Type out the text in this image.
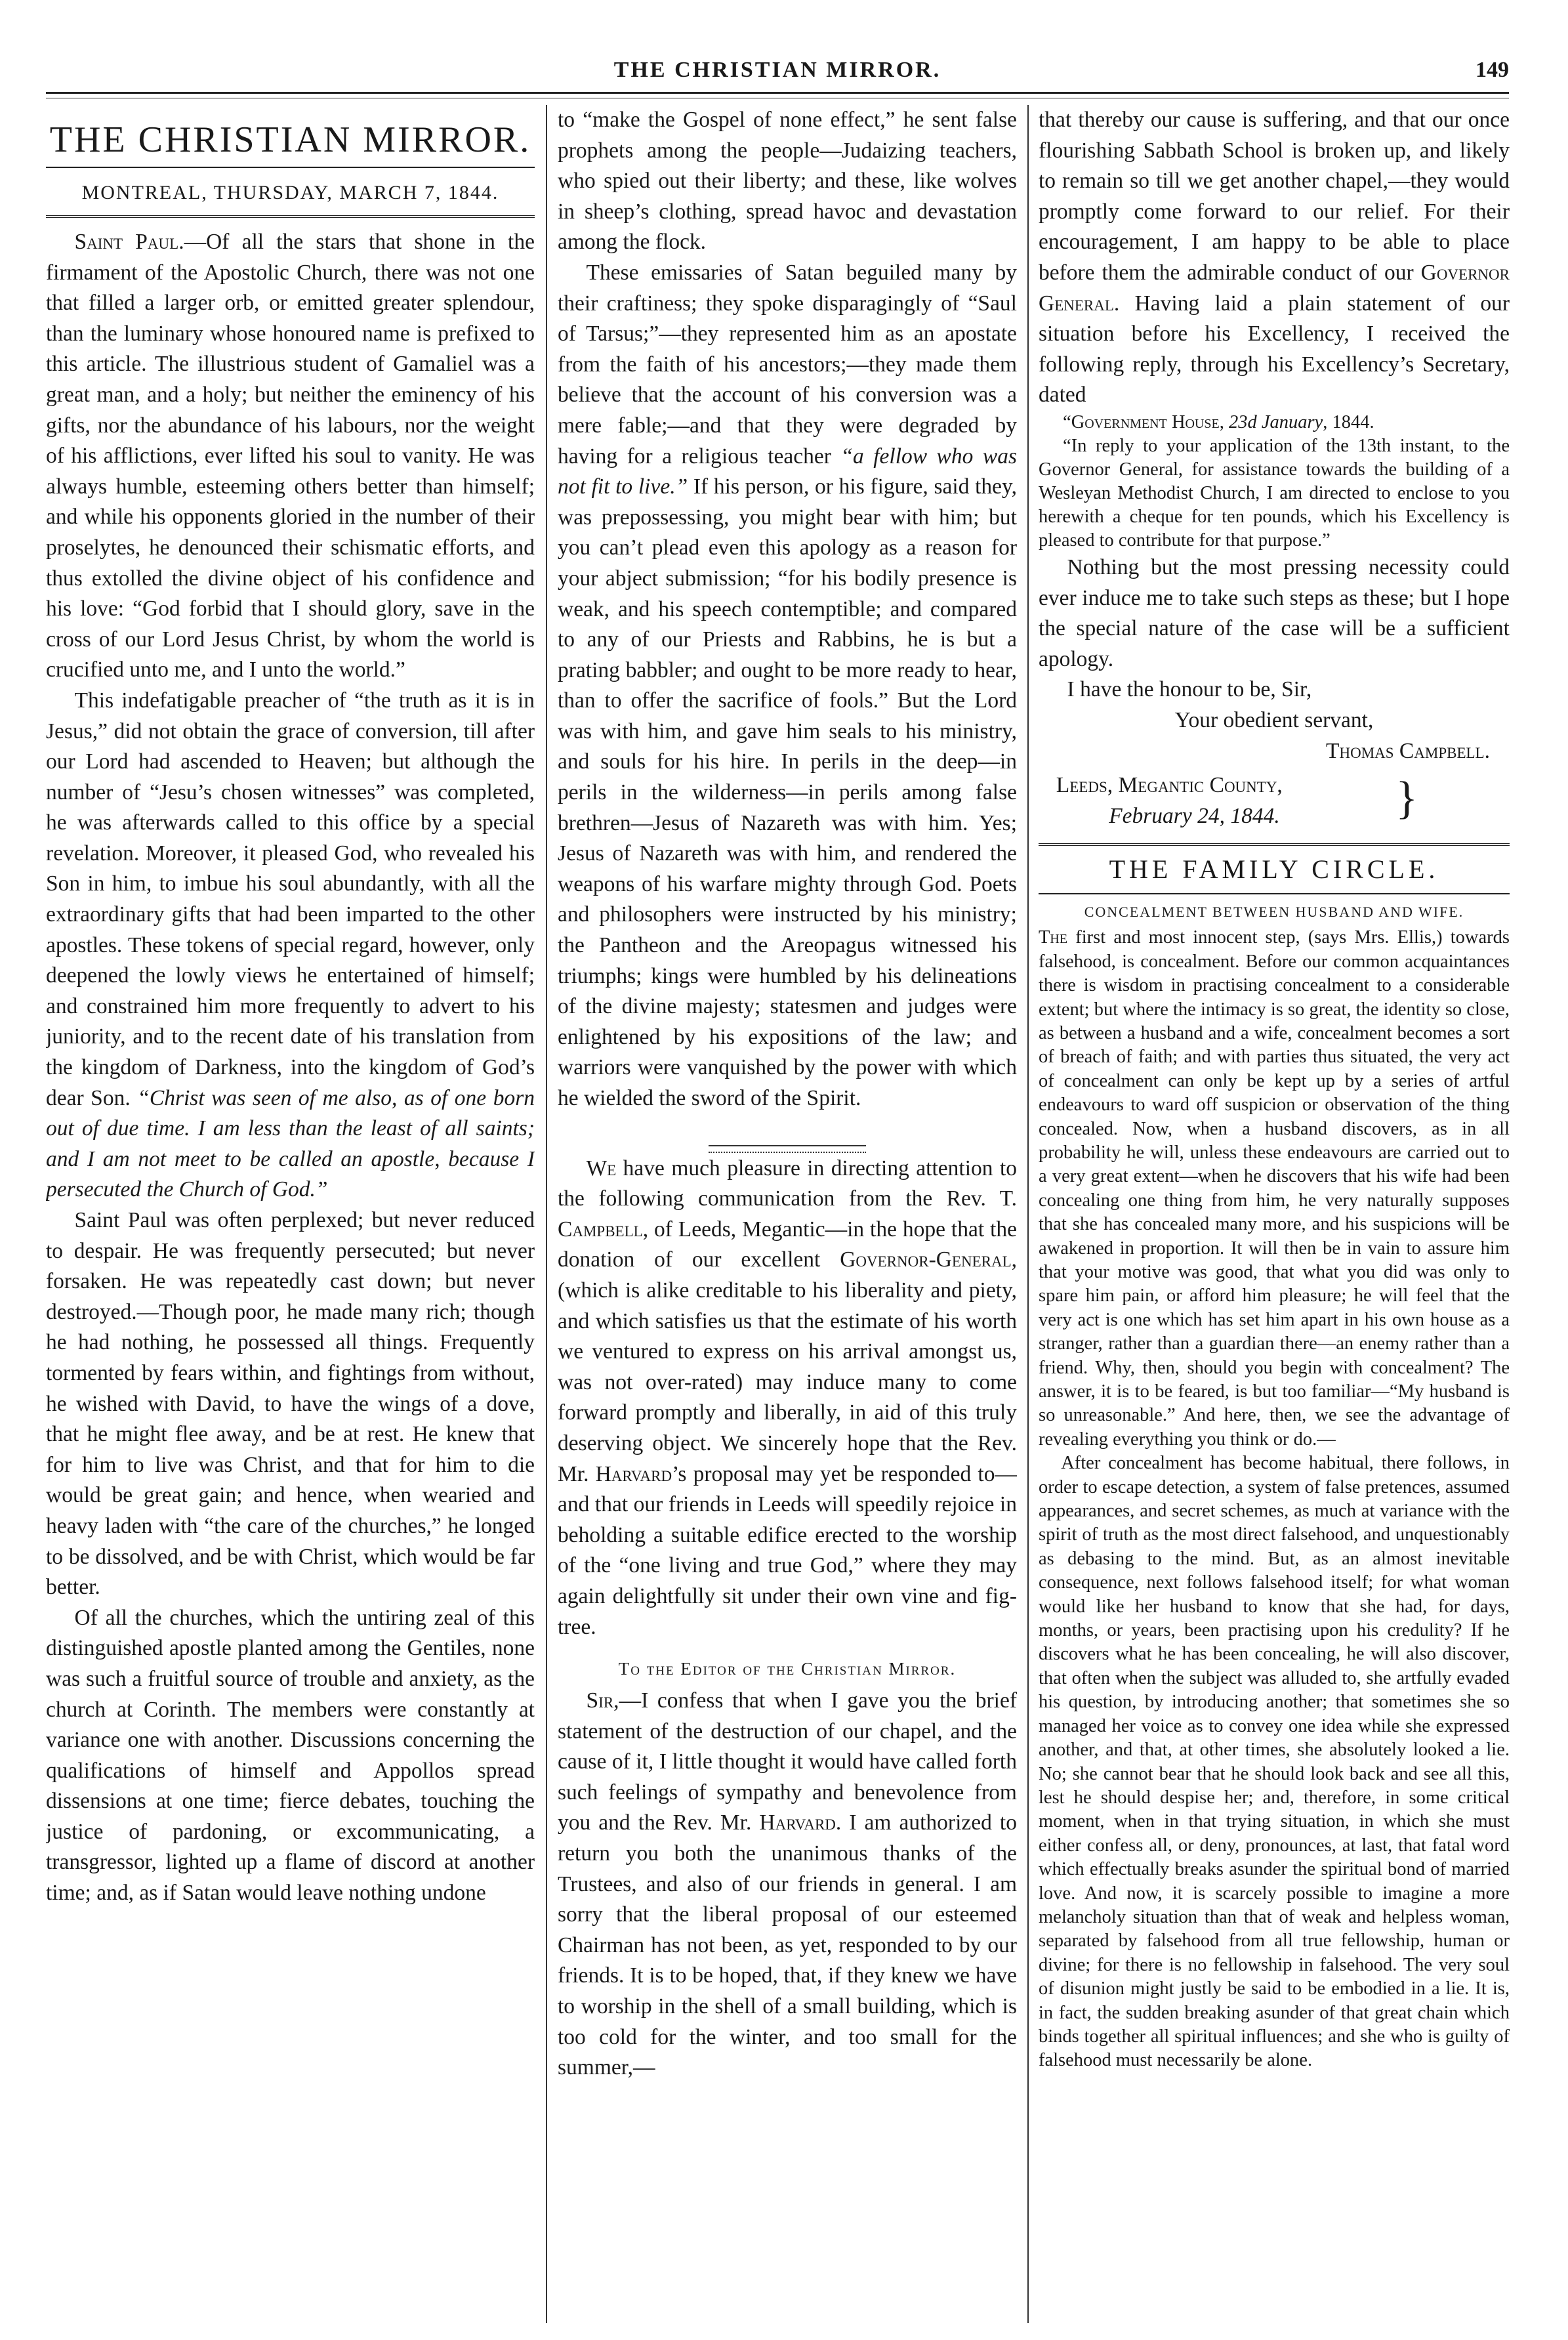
THE CHRISTIAN MIRROR.	149
THE CHRISTIAN MIRROR.
MONTREAL, THURSDAY, MARCH 7, 1844.

Saint Paul.—Of all the stars that shone in the firmament of the Apostolic Church, there was not one that filled a larger orb, or emitted greater splendour, than the luminary whose honoured name is prefixed to this article. The illustrious student of Gamaliel was a great man, and a holy; but neither the eminency of his gifts, nor the abundance of his labours, nor the weight of his afflictions, ever lifted his soul to vanity. He was always humble, esteeming others better than himself; and while his opponents gloried in the number of their proselytes, he denounced their schismatic efforts, and thus extolled the divine object of his confidence and his love: “God forbid that I should glory, save in the cross of our Lord Jesus Christ, by whom the world is crucified unto me, and I unto the world.”

This indefatigable preacher of “the truth as it is in Jesus,” did not obtain the grace of conversion, till after our Lord had ascended to Heaven; but although the number of “Jesu’s chosen witnesses” was completed, he was afterwards called to this office by a special revelation. Moreover, it pleased God, who revealed his Son in him, to imbue his soul abundantly, with all the extraordinary gifts that had been imparted to the other apostles. These tokens of special regard, however, only deepened the lowly views he entertained of himself; and constrained him more frequently to advert to his juniority, and to the recent date of his translation from the kingdom of Darkness, into the kingdom of God’s dear Son. “Christ was seen of me also, as of one born out of due time. I am less than the least of all saints; and I am not meet to be called an apostle, because I persecuted the Church of God.”

Saint Paul was often perplexed; but never reduced to despair. He was frequently persecuted; but never forsaken. He was repeatedly cast down; but never destroyed.—Though poor, he made many rich; though he had nothing, he possessed all things. Frequently tormented by fears within, and fightings from without, he wished with David, to have the wings of a dove, that he might flee away, and be at rest. He knew that for him to live was Christ, and that for him to die would be great gain; and hence, when wearied and heavy laden with “the care of the churches,” he longed to be dissolved, and be with Christ, which would be far better.

Of all the churches, which the untiring zeal of this distinguished apostle planted among the Gentiles, none was such a fruitful source of trouble and anxiety, as the church at Corinth. The members were constantly at variance one with another. Discussions concerning the qualifications of himself and Appollos spread dissensions at one time; fierce debates, touching the justice of pardoning, or excommunicating, a transgressor, lighted up a flame of discord at another time; and, as if Satan would leave nothing undone

to “make the Gospel of none effect,” he sent false prophets among the people—Judaizing teachers, who spied out their liberty; and these, like wolves in sheep’s clothing, spread havoc and devastation among the flock.

These emissaries of Satan beguiled many by their craftiness; they spoke disparagingly of “Saul of Tarsus;”—they represented him as an apostate from the faith of his ancestors;—they made them believe that the account of his conversion was a mere fable;—and that they were degraded by having for a religious teacher “a fellow who was not fit to live.” If his person, or his figure, said they, was prepossessing, you might bear with him; but you can’t plead even this apology as a reason for your abject submission; “for his bodily presence is weak, and his speech contemptible; and compared to any of our Priests and Rabbins, he is but a prating babbler; and ought to be more ready to hear, than to offer the sacrifice of fools.” But the Lord was with him, and gave him seals to his ministry, and souls for his hire. In perils in the deep—in perils in the wilderness—in perils among false brethren—Jesus of Nazareth was with him. Yes; Jesus of Nazareth was with him, and rendered the weapons of his warfare mighty through God. Poets and philosophers were instructed by his ministry; the Pantheon and the Areopagus witnessed his triumphs; kings were humbled by his delineations of the divine majesty; statesmen and judges were enlightened by his expositions of the law; and warriors were vanquished by the power with which he wielded the sword of the Spirit.

We have much pleasure in directing attention to the following communication from the Rev. T. Campbell, of Leeds, Megantic—in the hope that the donation of our excellent Governor-General, (which is alike creditable to his liberality and piety, and which satisfies us that the estimate of his worth we ventured to express on his arrival amongst us, was not over-rated) may induce many to come forward promptly and liberally, in aid of this truly deserving object. We sincerely hope that the Rev. Mr. Harvard’s proposal may yet be responded to—and that our friends in Leeds will speedily rejoice in beholding a suitable edifice erected to the worship of the “one living and true God,” where they may again delightfully sit under their own vine and fig-tree.

To the Editor of the Christian Mirror.

Sir,—I confess that when I gave you the brief statement of the destruction of our chapel, and the cause of it, I little thought it would have called forth such feelings of sympathy and benevolence from you and the Rev. Mr. Harvard. I am authorized to return you both the unanimous thanks of the Trustees, and also of our friends in general. I am sorry that the liberal proposal of our esteemed Chairman has not been, as yet, responded to by our friends. It is to be hoped, that, if they knew we have to worship in the shell of a small building, which is too cold for the winter, and too small for the summer,—

that thereby our cause is suffering, and that our once flourishing Sabbath School is broken up, and likely to remain so till we get another chapel,—they would promptly come forward to our relief. For their encouragement, I am happy to be able to place before them the admirable conduct of our Governor General. Having laid a plain statement of our situation before his Excellency, I received the following reply, through his Excellency’s Secretary, dated

“Government House, 23d January, 1844.

“In reply to your application of the 13th instant, to the Governor General, for assistance towards the building of a Wesleyan Methodist Church, I am directed to enclose to you herewith a cheque for ten pounds, which his Excellency is pleased to contribute for that purpose.”

Nothing but the most pressing necessity could ever induce me to take such steps as these; but I hope the special nature of the case will be a sufficient apology.

I have the honour to be, Sir,

Your obedient servant,

Thomas Campbell.

Leeds, Megantic County,

February 24, 1844.	}
THE FAMILY CIRCLE.
CONCEALMENT BETWEEN HUSBAND AND WIFE.

The first and most innocent step, (says Mrs. Ellis,) towards falsehood, is concealment. Before our common acquaintances there is wisdom in practising concealment to a considerable extent; but where the intimacy is so great, the identity so close, as between a husband and a wife, concealment becomes a sort of breach of faith; and with parties thus situated, the very act of concealment can only be kept up by a series of artful endeavours to ward off suspicion or observation of the thing concealed. Now, when a husband discovers, as in all probability he will, unless these endeavours are carried out to a very great extent—when he discovers that his wife had been concealing one thing from him, he very naturally supposes that she has concealed many more, and his suspicions will be awakened in proportion. It will then be in vain to assure him that your motive was good, that what you did was only to spare him pain, or afford him pleasure; he will feel that the very act is one which has set him apart in his own house as a stranger, rather than a guardian there—an enemy rather than a friend. Why, then, should you begin with concealment? The answer, it is to be feared, is but too familiar—“My husband is so unreasonable.” And here, then, we see the advantage of revealing everything you think or do.—

After concealment has become habitual, there follows, in order to escape detection, a system of false pretences, assumed appearances, and secret schemes, as much at variance with the spirit of truth as the most direct falsehood, and unquestionably as debasing to the mind. But, as an almost inevitable consequence, next follows falsehood itself; for what woman would like her husband to know that she had, for days, months, or years, been practising upon his credulity? If he discovers what he has been concealing, he will also discover, that often when the subject was alluded to, she artfully evaded his question, by introducing another; that sometimes she so managed her voice as to convey one idea while she expressed another, and that, at other times, she absolutely looked a lie. No; she cannot bear that he should look back and see all this, lest he should despise her; and, therefore, in some critical moment, when in that trying situation, in which she must either confess all, or deny, pronounces, at last, that fatal word which effectually breaks asunder the spiritual bond of married love. And now, it is scarcely possible to imagine a more melancholy situation than that of weak and helpless woman, separated by falsehood from all true fellowship, human or divine; for there is no fellowship in falsehood. The very soul of disunion might justly be said to be embodied in a lie. It is, in fact, the sudden breaking asunder of that great chain which binds together all spiritual influences; and she who is guilty of falsehood must necessarily be alone.
